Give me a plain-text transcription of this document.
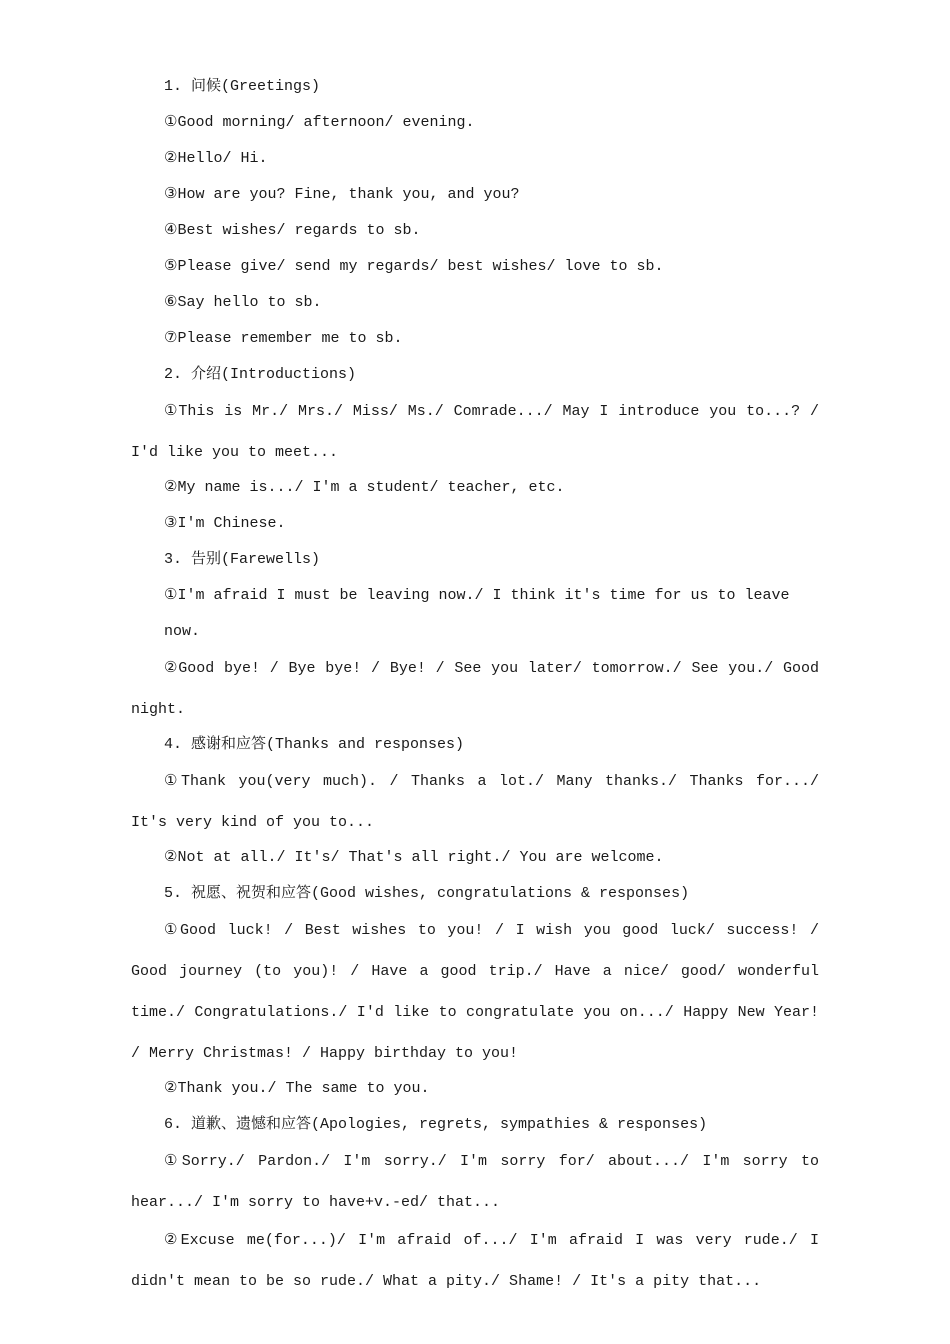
1. 问候(Greetings)

①Good morning/ afternoon/ evening.

②Hello/ Hi.

③How are you? Fine, thank you, and you?

④Best wishes/ regards to sb.

⑤Please give/ send my regards/ best wishes/ love to sb.

⑥Say hello to sb.

⑦Please remember me to sb.

2. 介绍(Introductions)

①This is Mr./ Mrs./ Miss/ Ms./ Comrade.../ May I introduce you to...? / I'd like you to meet...

②My name is.../ I'm a student/ teacher, etc.

③I'm Chinese.

3. 告别(Farewells)

①I'm afraid I must be leaving now./ I think it's time for us to leave now.

②Good bye! / Bye bye! / Bye! / See you later/ tomorrow./ See you./ Good night.

4. 感谢和应答(Thanks and responses)

①Thank you(very much). / Thanks a lot./ Many thanks./ Thanks for.../ It's very kind of you to...

②Not at all./ It's/ That's all right./ You are welcome.

5. 祝愿、祝贺和应答(Good wishes, congratulations & responses)

①Good luck! / Best wishes to you! / I wish you good luck/ success! / Good journey (to you)! / Have a good trip./ Have a nice/ good/ wonderful time./ Congratulations./ I'd like to congratulate you on.../ Happy New Year! / Merry Christmas! / Happy birthday to you!

②Thank you./ The same to you.

6. 道歉、遗憾和应答(Apologies, regrets, sympathies & responses)

①Sorry./ Pardon./ I'm sorry./ I'm sorry for/ about.../ I'm sorry to hear.../ I'm sorry to have+v.-ed/ that...

②Excuse me(for...)/ I'm afraid of.../ I'm afraid I was very rude./ I didn't mean to be so rude./ What a pity./ Shame! / It's a pity that...
